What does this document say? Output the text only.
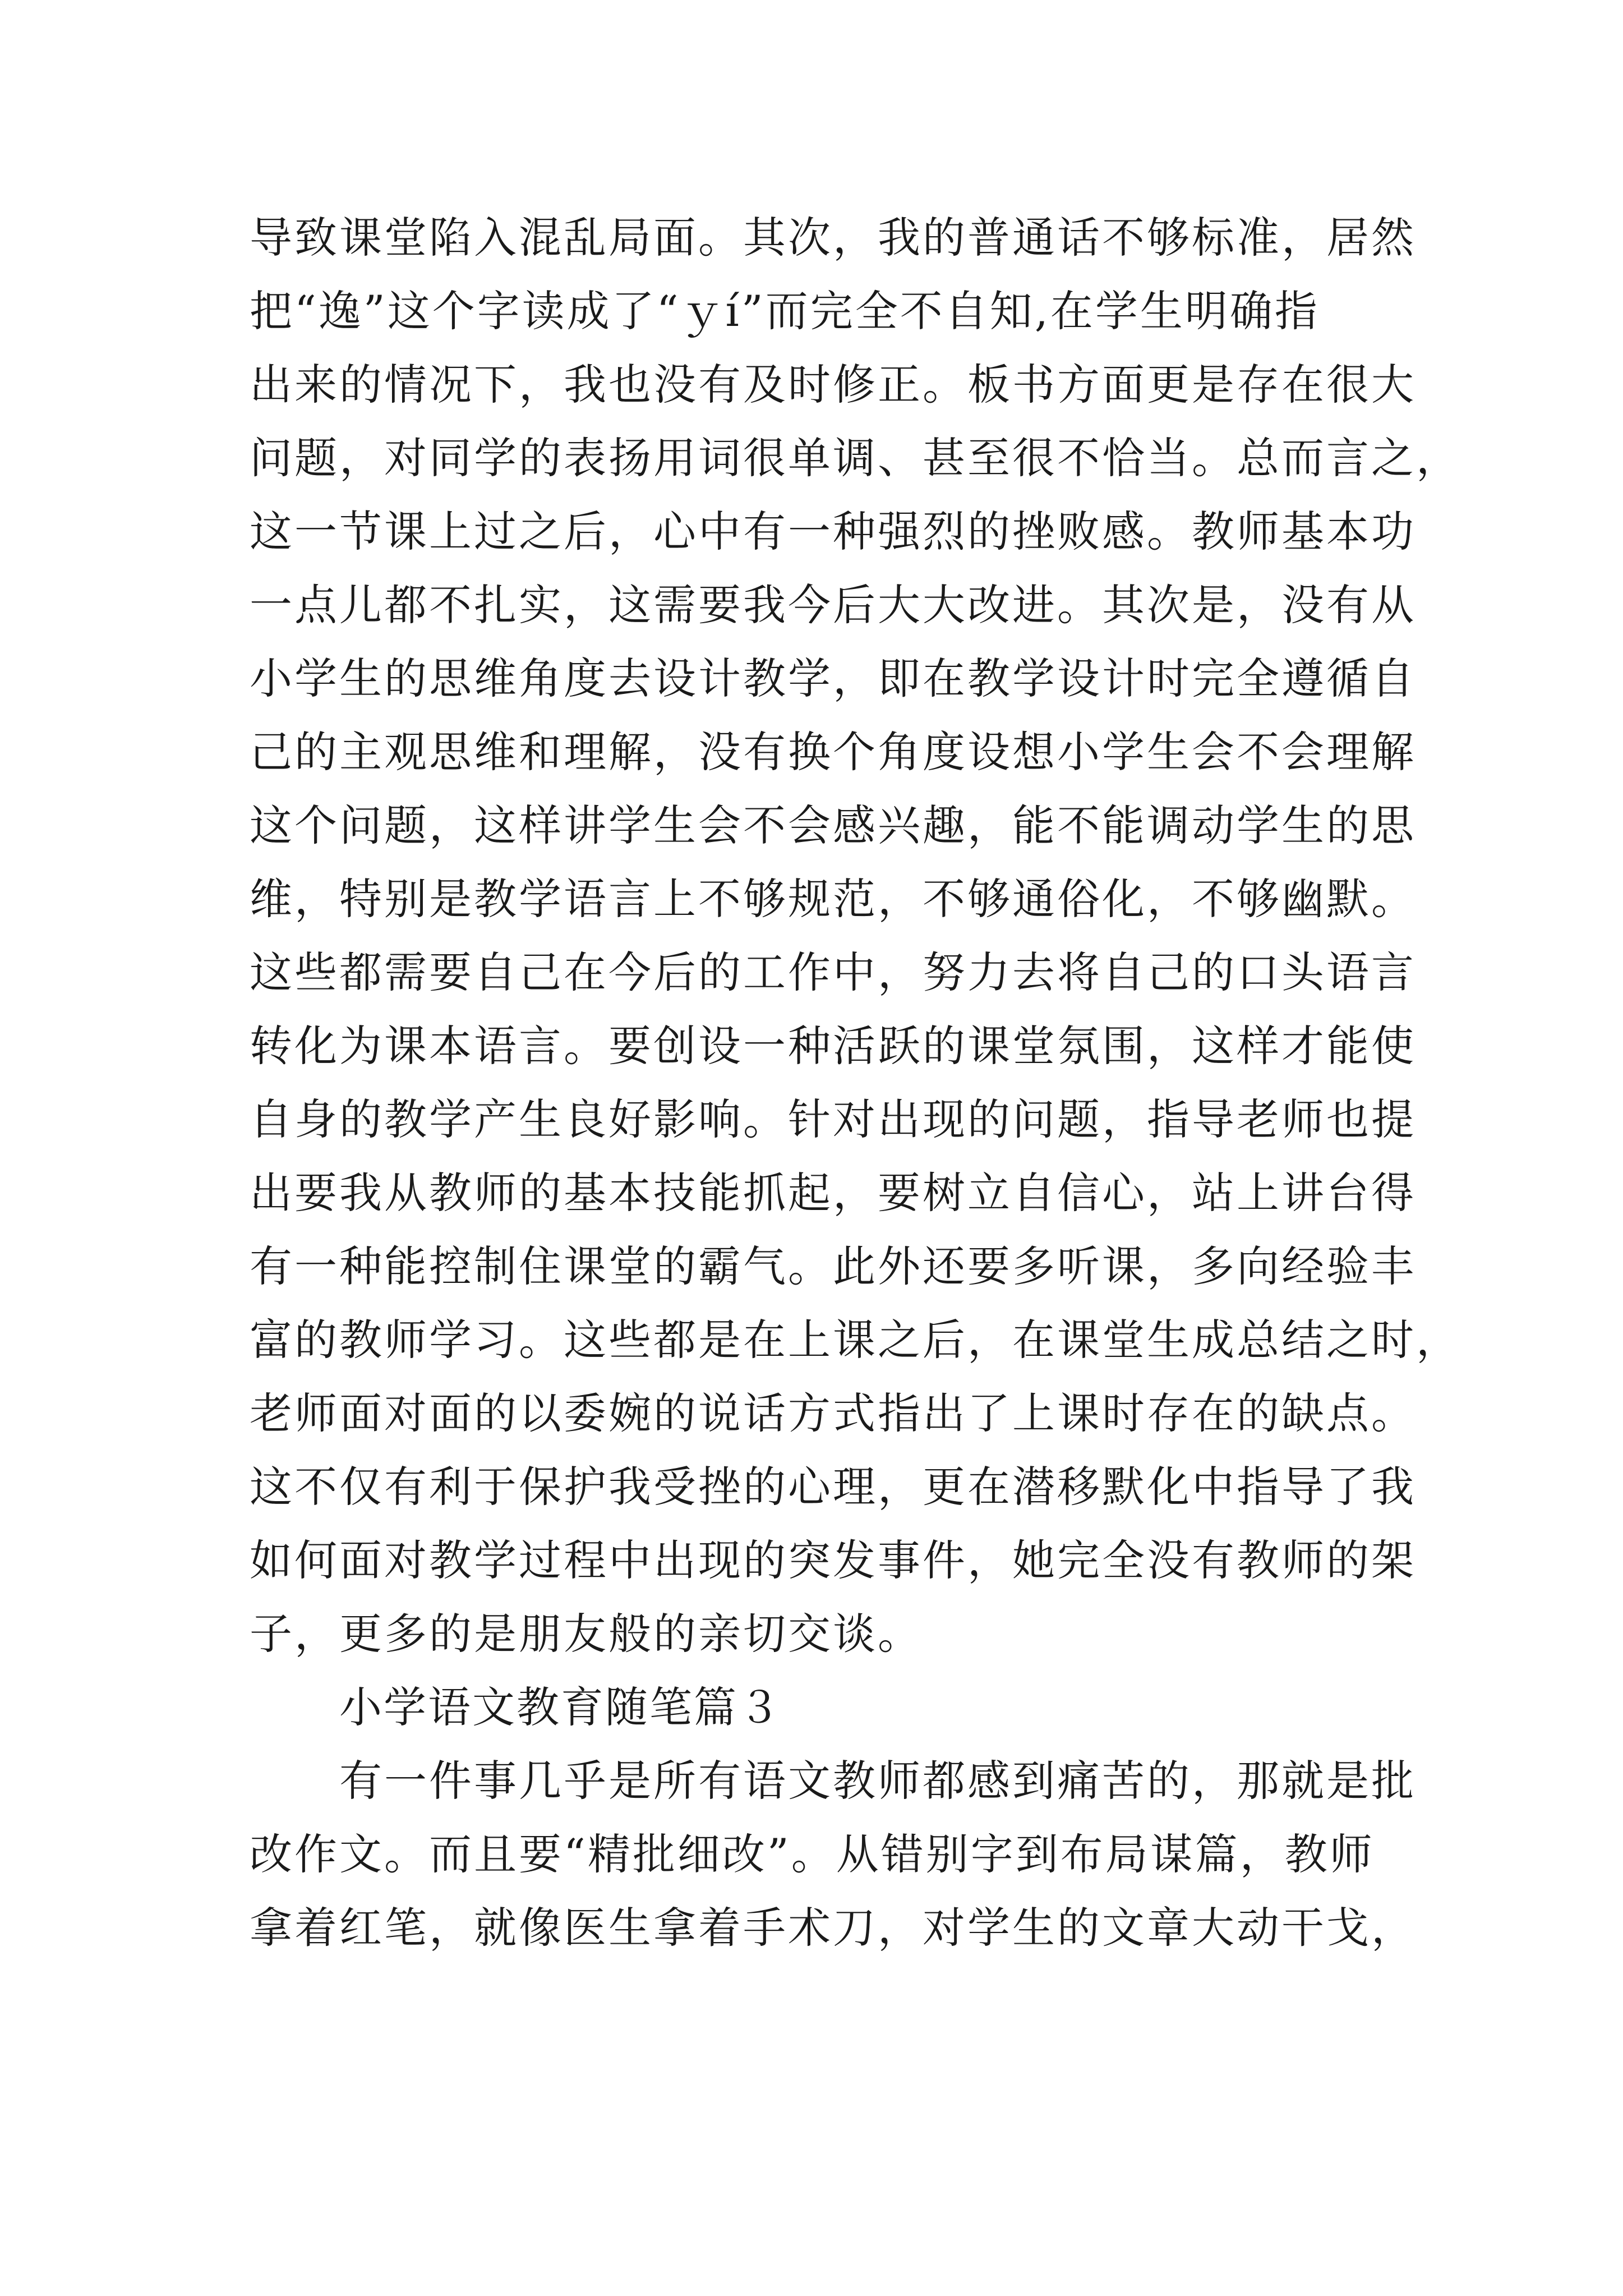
导致课堂陷入混乱局面。其次，我的普通话不够标准，居然
把“逸”这个字读成了“ｙí”而完全不自知,在学生明确指
出来的情况下，我也没有及时修正。板书方面更是存在很大
问题，对同学的表扬用词很单调、甚至很不恰当。总而言之，
这一节课上过之后，心中有一种强烈的挫败感。教师基本功
一点儿都不扎实，这需要我今后大大改进。其次是，没有从
小学生的思维角度去设计教学，即在教学设计时完全遵循自
己的主观思维和理解，没有换个角度设想小学生会不会理解
这个问题，这样讲学生会不会感兴趣，能不能调动学生的思
维，特别是教学语言上不够规范，不够通俗化，不够幽默。
这些都需要自己在今后的工作中，努力去将自己的口头语言
转化为课本语言。要创设一种活跃的课堂氛围，这样才能使
自身的教学产生良好影响。针对出现的问题，指导老师也提
出要我从教师的基本技能抓起，要树立自信心，站上讲台得
有一种能控制住课堂的霸气。此外还要多听课，多向经验丰
富的教师学习。这些都是在上课之后，在课堂生成总结之时，
老师面对面的以委婉的说话方式指出了上课时存在的缺点。
这不仅有利于保护我受挫的心理，更在潜移默化中指导了我
如何面对教学过程中出现的突发事件，她完全没有教师的架
子，更多的是朋友般的亲切交谈。
小学语文教育随笔篇３
有一件事几乎是所有语文教师都感到痛苦的，那就是批
改作文。而且要“精批细改”。从错别字到布局谋篇，教师
拿着红笔，就像医生拿着手术刀，对学生的文章大动干戈，
